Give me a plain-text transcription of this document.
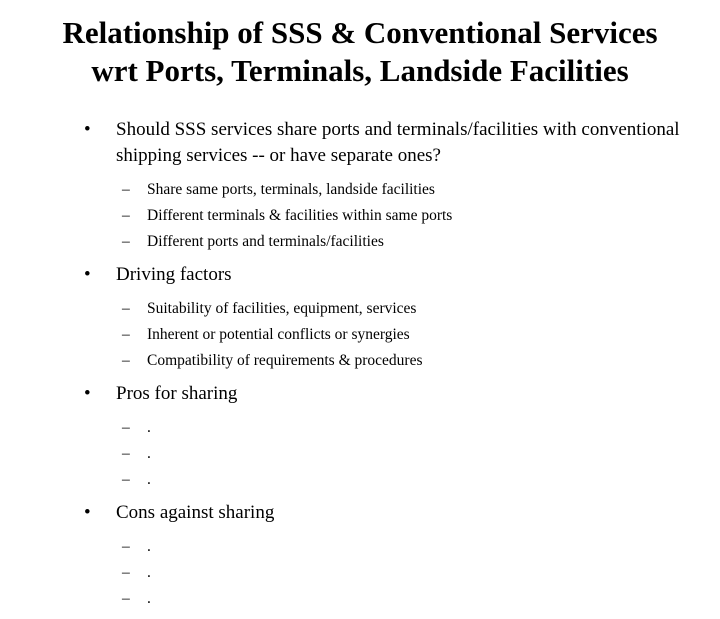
Relationship of SSS & Conventional Services
wrt Ports, Terminals, Landside Facilities
• Should SSS services share ports and terminals/facilities with conventional shipping services -- or have separate ones?
– Share same ports, terminals, landside facilities
– Different terminals & facilities within same ports
– Different ports and terminals/facilities
• Driving factors
– Suitability of facilities, equipment, services
– Inherent or potential conflicts or synergies
– Compatibility of requirements & procedures
• Pros for sharing
– .
– .
– .
• Cons against sharing
– .
– .
– .
